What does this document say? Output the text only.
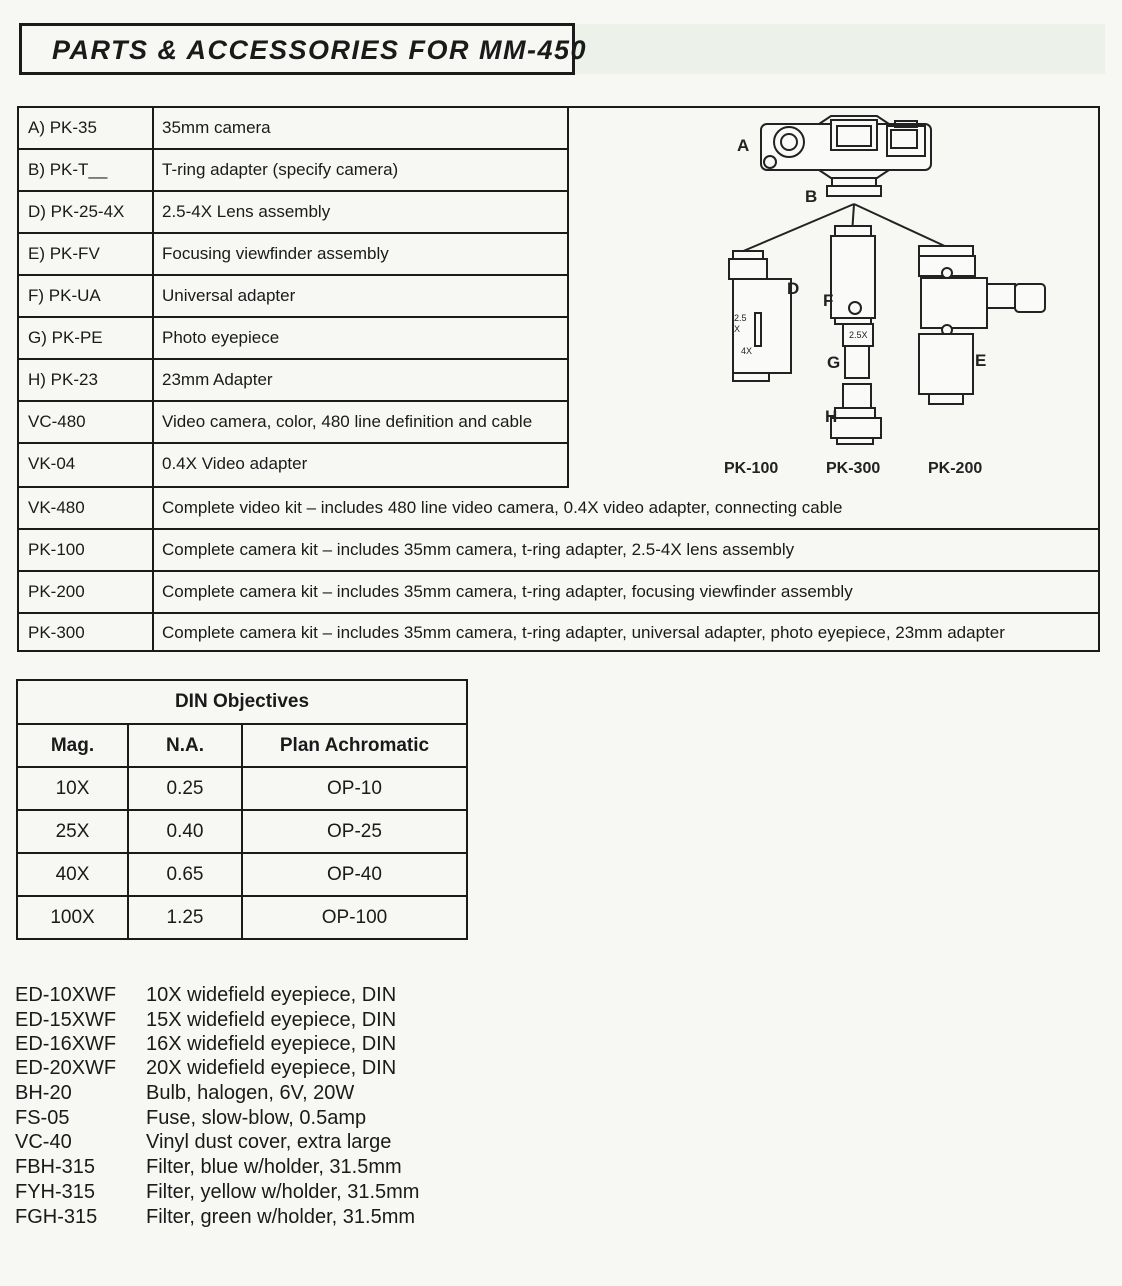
PARTS & ACCESSORIES FOR MM-450
A) PK-35	35mm camera
B) PK-T__	T-ring adapter (specify camera)
D) PK-25-4X	2.5-4X Lens assembly
E) PK-FV	Focusing viewfinder assembly
F) PK-UA	Universal adapter
G) PK-PE	Photo eyepiece
H) PK-23	23mm Adapter
VC-480	Video camera, color, 480 line definition and cable
VK-04	0.4X Video adapter
VK-480	Complete video kit – includes 480 line video camera, 0.4X video adapter, connecting cable
PK-100	Complete camera kit – includes 35mm camera, t-ring adapter, 2.5-4X lens assembly
PK-200	Complete camera kit – includes 35mm camera, t-ring adapter, focusing viewfinder assembly
PK-300	Complete camera kit – includes 35mm camera, t-ring adapter, universal adapter, photo eyepiece, 23mm adapter
A
B
D
F
G
H
E
2.5
X
4X
2.5X
PK-100	PK-300	PK-200
DIN Objectives
Mag.	N.A.	Plan Achromatic
10X	0.25	OP-10
25X	0.40	OP-25
40X	0.65	OP-40
100X	1.25	OP-100
ED-10XWF 10X widefield eyepiece, DIN
ED-15XWF 15X widefield eyepiece, DIN
ED-16XWF 16X widefield eyepiece, DIN
ED-20XWF 20X widefield eyepiece, DIN
BH-20	Bulb, halogen, 6V, 20W
FS-05	Fuse, slow-blow, 0.5amp
VC-40	Vinyl dust cover, extra large
FBH-315	Filter, blue w/holder, 31.5mm
FYH-315	Filter, yellow w/holder, 31.5mm
FGH-315 Filter, green w/holder, 31.5mm
